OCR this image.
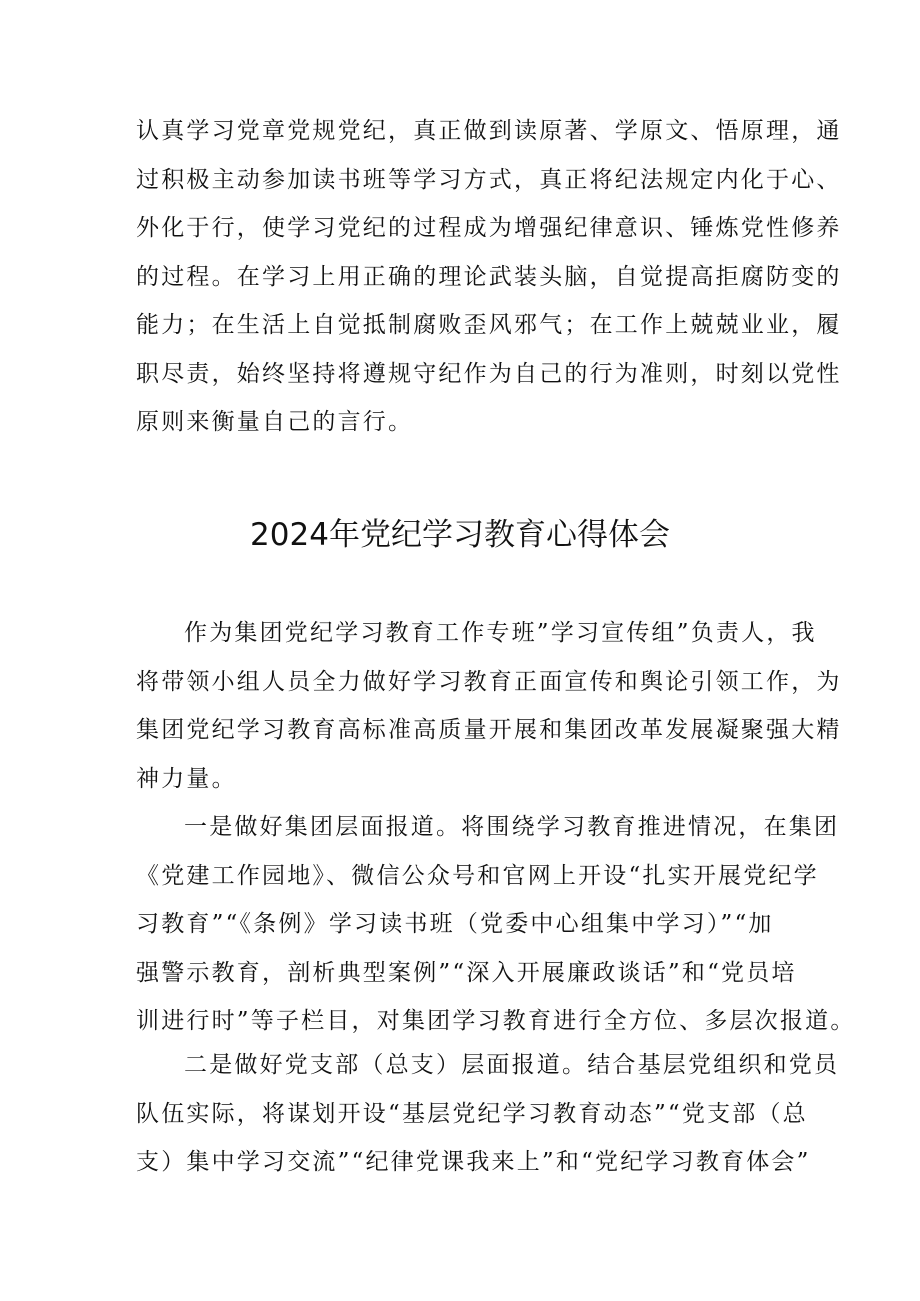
认真学习党章党规党纪，真正做到读原著、学原文、悟原理，通
过积极主动参加读书班等学习方式，真正将纪法规定内化于心、
外化于行，使学习党纪的过程成为增强纪律意识、锤炼党性修养
的过程。在学习上用正确的理论武装头脑，自觉提高拒腐防变的
能力；在生活上自觉抵制腐败歪风邪气；在工作上兢兢业业，履
职尽责，始终坚持将遵规守纪作为自己的行为准则，时刻以党性
原则来衡量自己的言行。
2024年党纪学习教育心得体会
作为集团党纪学习教育工作专班”学习宣传组”负责人，我
将带领小组人员全力做好学习教育正面宣传和舆论引领工作，为
集团党纪学习教育高标准高质量开展和集团改革发展凝聚强大精
神力量。
一是做好集团层面报道。将围绕学习教育推进情况，在集团
《党建工作园地》、微信公众号和官网上开设“扎实开展党纪学
习教育”“《条例》学习读书班（党委中心组集中学习）”“加
强警示教育，剖析典型案例”“深入开展廉政谈话”和“党员培
训进行时”等子栏目，对集团学习教育进行全方位、多层次报道。
二是做好党支部（总支）层面报道。结合基层党组织和党员
队伍实际，将谋划开设“基层党纪学习教育动态”“党支部（总
支）集中学习交流”“纪律党课我来上”和“党纪学习教育体会”
